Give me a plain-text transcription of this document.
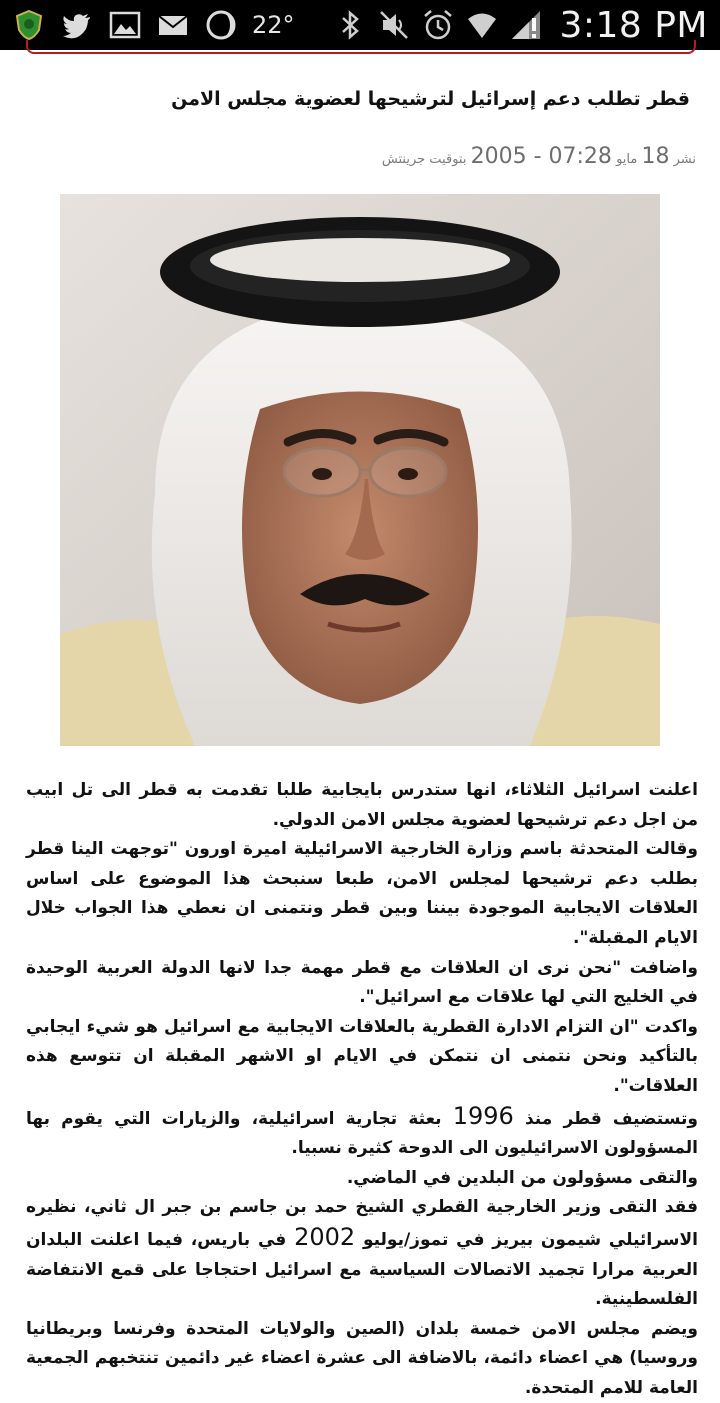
22°	3:18 PM
قطر تطلب دعم إسرائيل لترشيحها لعضوية مجلس الامن
نشر 18 مايو 2005 - 07:28 بتوقيت جرينتش

اعلنت اسرائيل الثلاثاء، انها ستدرس بايجابية طلبا تقدمت به قطر الى تل ابيب من اجل دعم ترشيحها لعضوية مجلس الامن الدولي.

وقالت المتحدثة باسم وزارة الخارجية الاسرائيلية اميرة اورون "توجهت الينا قطر بطلب دعم ترشيحها لمجلس الامن، طبعا سنبحث هذا الموضوع على اساس العلاقات الايجابية الموجودة بيننا وبين قطر ونتمنى ان نعطي هذا الجواب خلال الايام المقبلة".

واضافت "نحن نرى ان العلاقات مع قطر مهمة جدا لانها الدولة العربية الوحيدة في الخليج التي لها علاقات مع اسرائيل".

واكدت "ان التزام الادارة القطرية بالعلاقات الايجابية مع اسرائيل هو شيء ايجابي بالتأكيد ونحن نتمنى ان نتمكن في الايام او الاشهر المقبلة ان تتوسع هذه العلاقات".

وتستضيف قطر منذ 1996 بعثة تجارية اسرائيلية، والزيارات التي يقوم بها المسؤولون الاسرائيليون الى الدوحة كثيرة نسبيا.

والتقى مسؤولون من البلدين في الماضي.

فقد التقى وزير الخارجية القطري الشيخ حمد بن جاسم بن جبر ال ثاني، نظيره الاسرائيلي شيمون بيريز في تموز/يوليو 2002 في باريس، فيما اعلنت البلدان العربية مرارا تجميد الاتصالات السياسية مع اسرائيل احتجاجا على قمع الانتفاضة الفلسطينية.

ويضم مجلس الامن خمسة بلدان (الصين والولايات المتحدة وفرنسا وبريطانيا وروسيا) هي اعضاء دائمة، بالاضافة الى عشرة اعضاء غير دائمين تنتخبهم الجمعية العامة للامم المتحدة.
